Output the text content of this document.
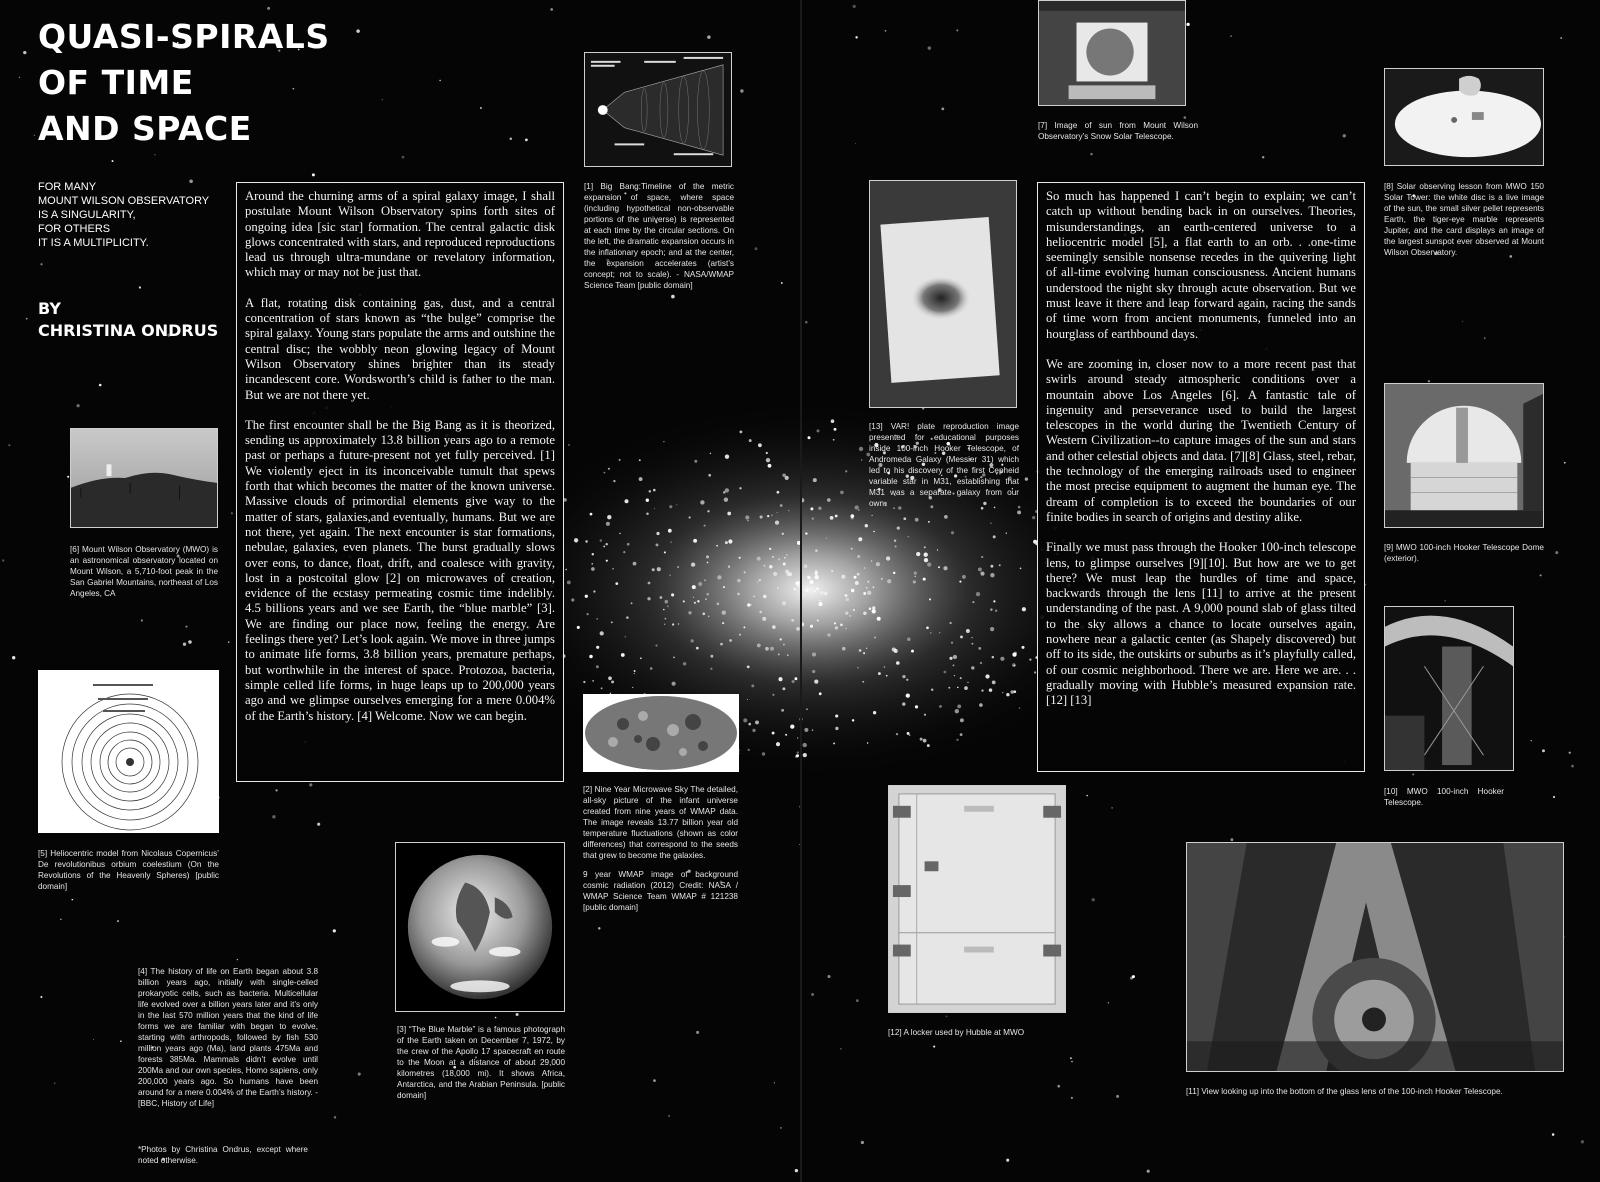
QUASI-SPIRALS
OF TIME
AND SPACE
FOR MANY
MOUNT WILSON OBSERVATORY
IS A SINGULARITY,
FOR OTHERS
IT IS A MULTIPLICITY.
BY
CHRISTINA ONDRUS

Around the churning arms of a spiral galaxy image, I shall postulate Mount Wilson Observatory spins forth sites of ongoing idea [sic star] formation. The central galactic disk glows concentrated with stars, and reproduced reproductions lead us through ultra-mundane or revelatory information, which may or may not be just that.

A flat, rotating disk containing gas, dust, and a central concentration of stars known as “the bulge” comprise the spiral galaxy. Young stars populate the arms and outshine the central disc; the wobbly neon glowing legacy of Mount Wilson Observatory shines brighter than its steady incandescent core. Wordsworth’s child is father to the man. But we are not there yet.

The first encounter shall be the Big Bang as it is theorized, sending us approximately 13.8 billion years ago to a remote past or perhaps a future-present not yet fully perceived. [1] We violently eject in its inconceivable tumult that spews forth that which becomes the matter of the known universe. Massive clouds of primordial elements give way to the matter of stars, galaxies,and eventually, humans. But we are not there, yet again. The next encounter is star formations, nebulae, galaxies, even planets. The burst gradually slows over eons, to dance, float, drift, and coalesce with gravity, lost in a postcoital glow [2] on microwaves of creation, evidence of the ecstasy permeating cosmic time indelibly. 4.5 billions years and we see Earth, the “blue marble” [3]. We are finding our place now, feeling the energy. Are feelings there yet? Let’s look again. We move in three jumps to animate life forms, 3.8 billion years, premature perhaps, but worthwhile in the interest of space. Protozoa, bacteria, simple celled life forms, in huge leaps up to 200,000 years ago and we glimpse ourselves emerging for a mere 0.004% of the Earth’s history. [4] Welcome. Now we can begin.

So much has happened I can’t begin to explain; we can’t catch up without bending back in on ourselves. Theories, misunderstandings, an earth-centered universe to a heliocentric model [5], a flat earth to an orb. . .one-time seemingly sensible nonsense recedes in the quivering light of all-time evolving human consciousness. Ancient humans understood the night sky through acute observation. But we must leave it there and leap forward again, racing the sands of time worn from ancient monuments, funneled into an hourglass of earthbound days.

We are zooming in, closer now to a more recent past that swirls around steady atmospheric conditions over a mountain above Los Angeles [6]. A fantastic tale of ingenuity and perseverance used to build the largest telescopes in the world during the Twentieth Century of Western Civilization--to capture images of the sun and stars and other celestial objects and data. [7][8] Glass, steel, rebar, the technology of the emerging railroads used to engineer the most precise equipment to augment the human eye. The dream of completion is to exceed the boundaries of our finite bodies in search of origins and destiny alike.

Finally we must pass through the Hooker 100-inch telescope lens, to glimpse ourselves [9][10]. But how are we to get there? We must leap the hurdles of time and space, backwards through the lens [11] to arrive at the present understanding of the past. A 9,000 pound slab of glass tilted to the sky allows a chance to locate ourselves again, nowhere near a galactic center (as Shapely discovered) but off to its side, the outskirts or suburbs as it’s playfully called, of our cosmic neighborhood. There we are. Here we are. . . gradually moving with Hubble’s measured expansion rate.[12] [13]

[1] Big Bang:Timeline of the metric expansion of space, where space (including hypothetical non-observable portions of the universe) is represented at each time by the circular sections. On the left, the dramatic expansion occurs in the inflationary epoch; and at the center, the expansion accelerates (artist’s concept; not to scale). - NASA/WMAP Science Team [public domain]

[2] Nine Year Microwave Sky The detailed, all-sky picture of the infant universe created from nine years of WMAP data. The image reveals 13.77 billion year old temperature fluctuations (shown as color differences) that correspond to the seeds that grew to become the galaxies.

9 year WMAP image of background cosmic radiation (2012) Credit: NASA / WMAP Science Team WMAP # 121238 [public domain]

[3] “The Blue Marble” is a famous photograph of the Earth taken on December 7, 1972, by the crew of the Apollo 17 spacecraft en route to the Moon at a distance of about 29,000 kilometres (18,000 mi). It shows Africa, Antarctica, and the Arabian Peninsula. [public domain]

[6] Mount Wilson Observatory (MWO) is an astronomical observatory located on Mount Wilson, a 5,710-foot peak in the San Gabriel Mountains, northeast of Los Angeles, CA

[5] Heliocentric model from Nicolaus Copernicus’ De revolutionibus orbium coelestium (On the Revolutions of the Heavenly Spheres) [public domain]

[4] The history of life on Earth began about 3.8 billion years ago, initially with single-celled prokaryotic cells, such as bacteria. Multicellular life evolved over a billion years later and it’s only in the last 570 million years that the kind of life forms we are familiar with began to evolve, starting with arthropods, followed by fish 530 million years ago (Ma), land plants 475Ma and forests 385Ma. Mammals didn’t evolve until 200Ma and our own species, Homo sapiens, only 200,000 years ago. So humans have been around for a mere 0.004% of the Earth’s history. - [BBC, History of Life]

*Photos by Christina Ondrus, except where noted otherwise.

[7] Image of sun from Mount Wilson Observatory’s Snow Solar Telescope.

[8] Solar observing lesson from MWO 150 Solar Tower: the white disc is a live image of the sun, the small silver pellet represents Earth, the tiger-eye marble represents Jupiter, and the card displays an image of the largest sunspot ever observed at Mount Wilson Observatory.

[13] VAR! plate reproduction image presented for educational purposes inside 100-inch Hooker Telescope, of Andromeda Galaxy (Messier 31) which led to his discovery of the first Cepheid variable star in M31, establishing that M31 was a separate galaxy from our own.

[9] MWO 100-inch Hooker Telescope Dome (exterior).

[10] MWO 100-inch Hooker Telescope.

[12] A locker used by Hubble at MWO

[11] View looking up into the bottom of the glass lens of the 100-inch Hooker Telescope.
